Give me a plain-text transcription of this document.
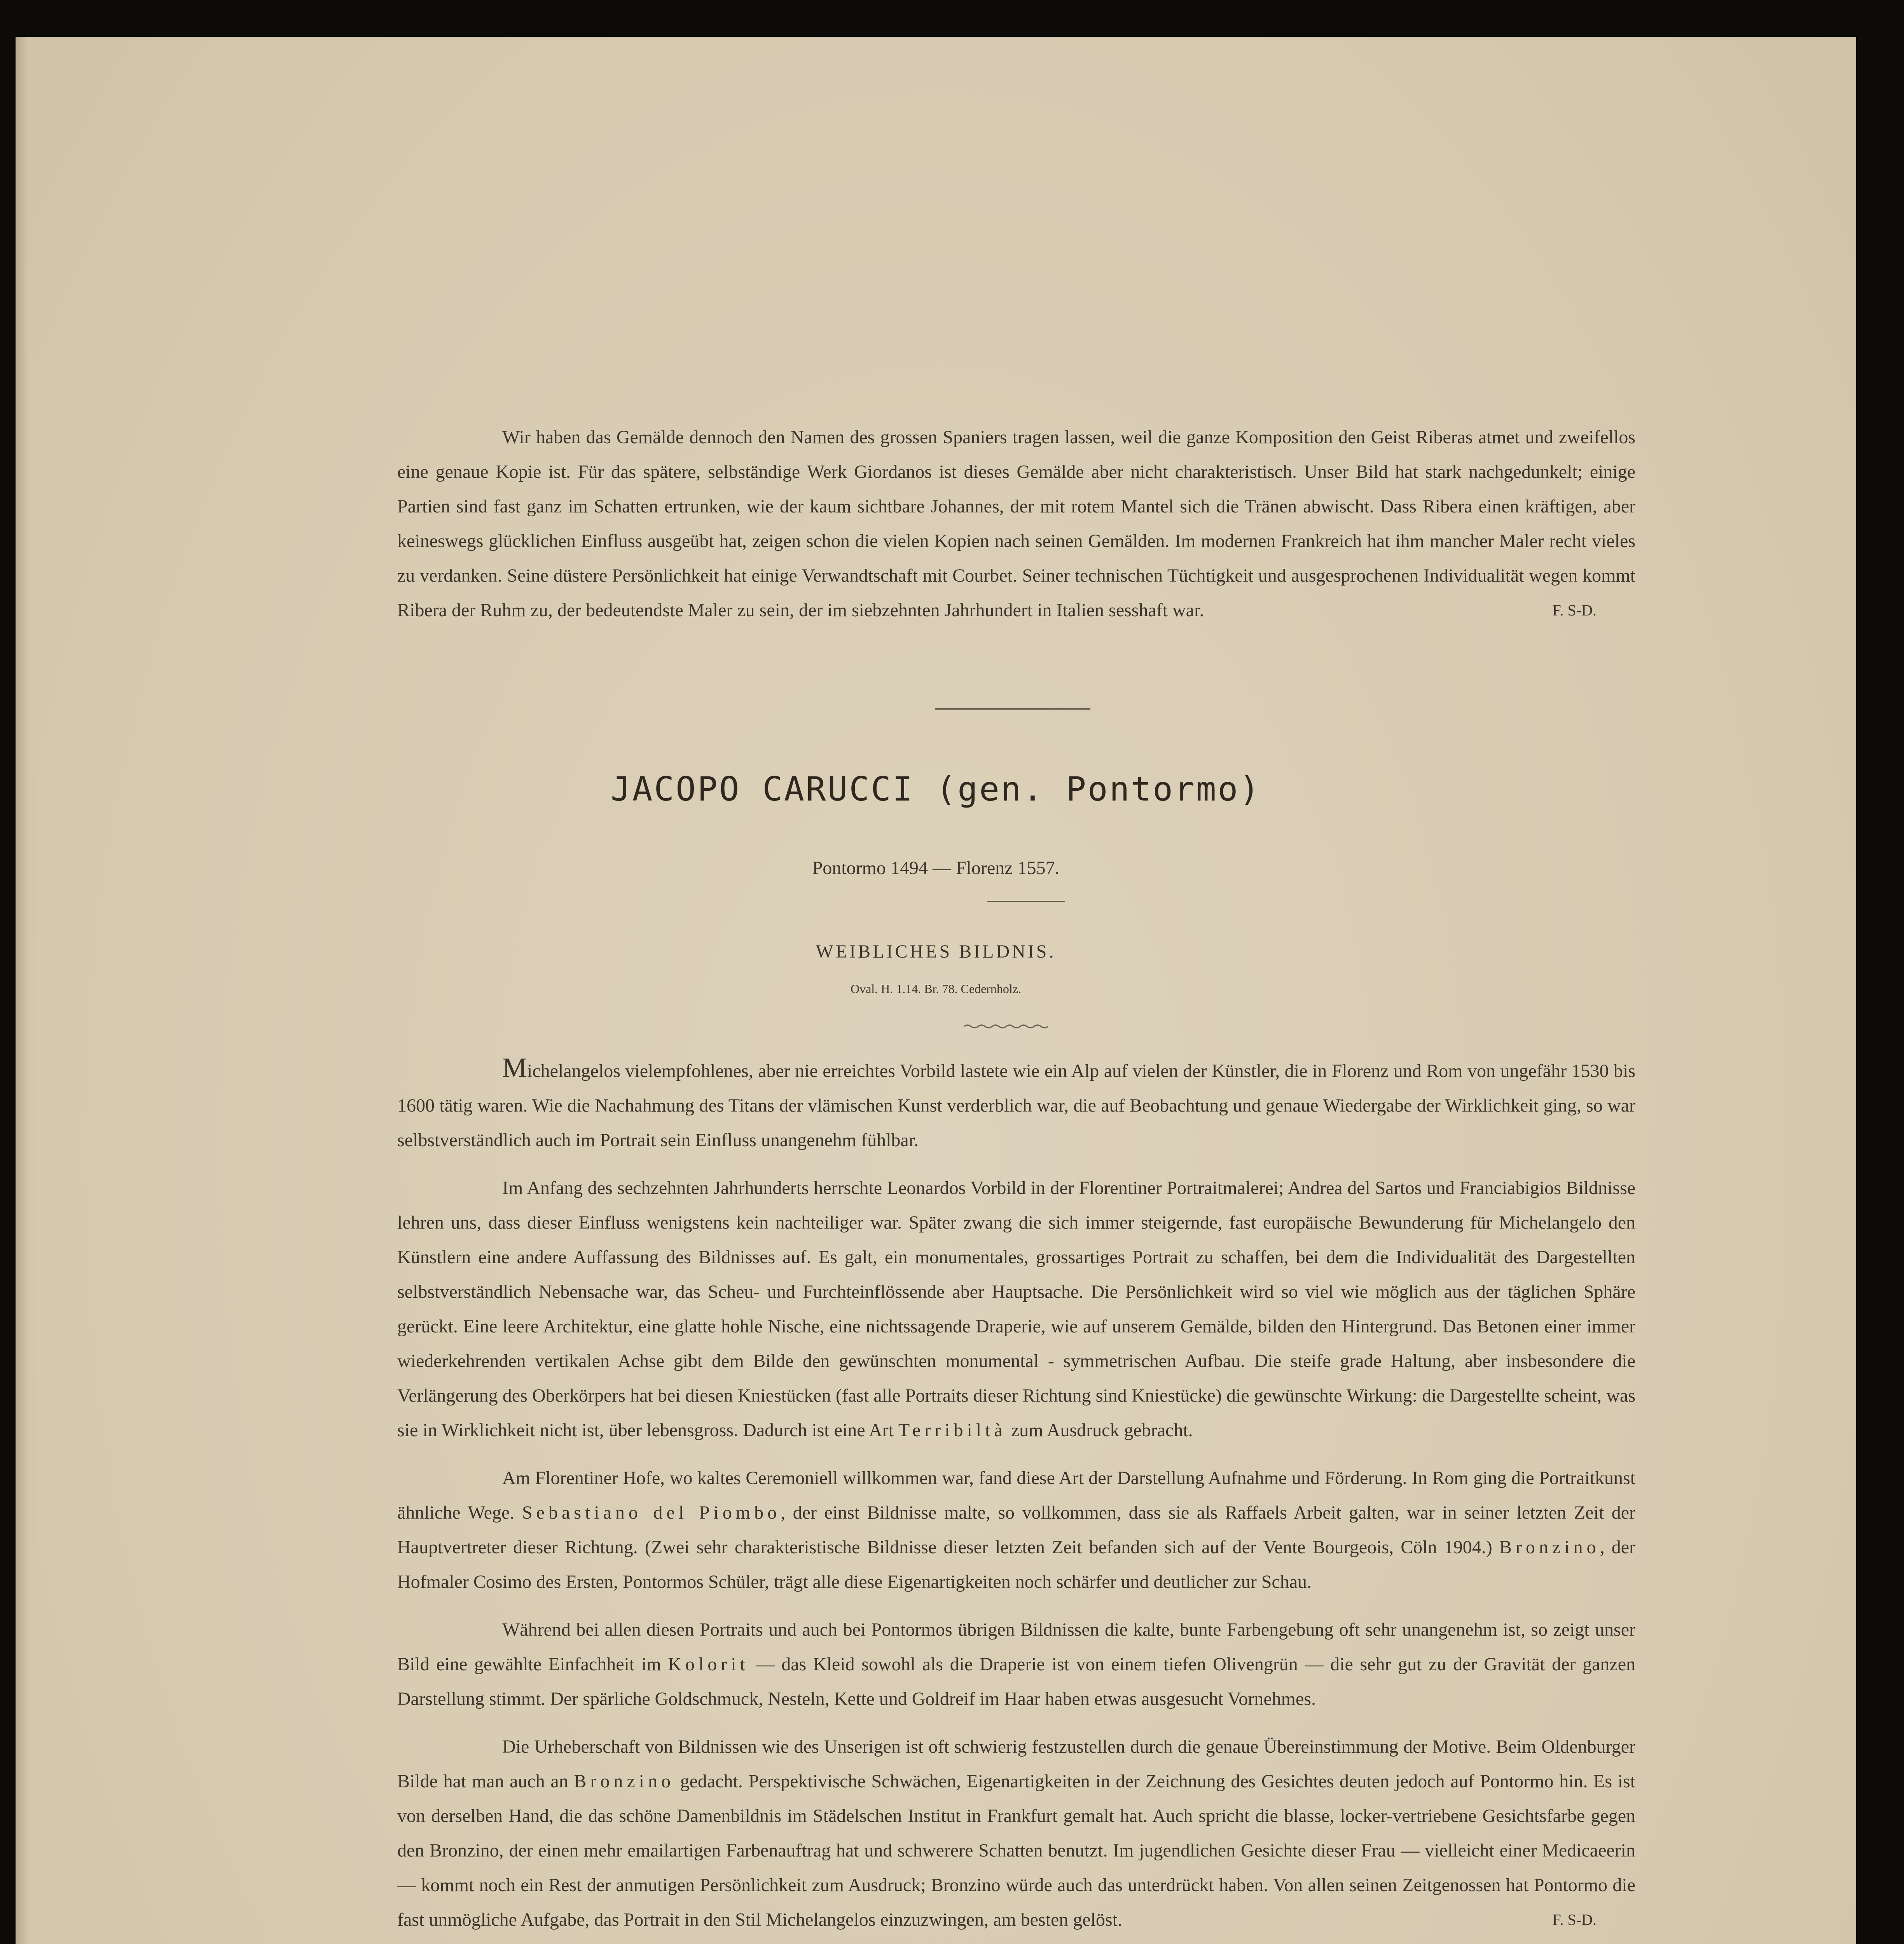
Wir haben das Gemälde dennoch den Namen des grossen Spaniers tragen lassen, weil die ganze Komposition den Geist Riberas atmet und zweifellos eine genaue Kopie ist. Für das spätere, selbständige Werk Giordanos ist dieses Gemälde aber nicht charakteristisch. Unser Bild hat stark nachgedunkelt; einige Partien sind fast ganz im Schatten ertrunken, wie der kaum sichtbare Johannes, der mit rotem Mantel sich die Tränen abwischt. Dass Ribera einen kräftigen, aber keineswegs glücklichen Einfluss ausgeübt hat, zeigen schon die vielen Kopien nach seinen Gemälden. Im modernen Frankreich hat ihm mancher Maler recht vieles zu verdanken. Seine düstere Persönlichkeit hat einige Verwandtschaft mit Courbet. Seiner technischen Tüchtigkeit und ausgesprochenen Individualität wegen kommt Ribera der Ruhm zu, der bedeutendste Maler zu sein, der im siebzehnten Jahrhundert in Italien sesshaft war.	F. S-D.

JACOPO CARUCCI (gen. Pontormo)
Pontormo 1494 — Florenz 1557.
WEIBLICHES BILDNIS.
Oval. H. 1.14. Br. 78. Cedernholz.

Michelangelos vielempfohlenes, aber nie erreichtes Vorbild lastete wie ein Alp auf vielen der Künstler, die in Florenz und Rom von ungefähr 1530 bis 1600 tätig waren. Wie die Nachahmung des Titans der vlämischen Kunst verderblich war, die auf Beobachtung und genaue Wiedergabe der Wirklichkeit ging, so war selbstverständlich auch im Portrait sein Einfluss unangenehm fühlbar.

Im Anfang des sechzehnten Jahrhunderts herrschte Leonardos Vorbild in der Florentiner Portraitmalerei; Andrea del Sartos und Franciabigios Bildnisse lehren uns, dass dieser Einfluss wenigstens kein nachteiliger war. Später zwang die sich immer steigernde, fast europäische Bewunderung für Michelangelo den Künstlern eine andere Auffassung des Bildnisses auf. Es galt, ein monumentales, grossartiges Portrait zu schaffen, bei dem die Individualität des Dargestellten selbstverständlich Nebensache war, das Scheu- und Furchteinflössende aber Hauptsache. Die Persönlichkeit wird so viel wie möglich aus der täglichen Sphäre gerückt. Eine leere Architektur, eine glatte hohle Nische, eine nichtssagende Draperie, wie auf unserem Gemälde, bilden den Hintergrund. Das Betonen einer immer wiederkehrenden vertikalen Achse gibt dem Bilde den gewünschten monumental - symmetrischen Aufbau. Die steife grade Haltung, aber insbesondere die Verlängerung des Oberkörpers hat bei diesen Kniestücken (fast alle Portraits dieser Richtung sind Kniestücke) die gewünschte Wirkung: die Dargestellte scheint, was sie in Wirklichkeit nicht ist, über lebensgross. Dadurch ist eine Art Terribiltà zum Ausdruck gebracht.

Am Florentiner Hofe, wo kaltes Ceremoniell willkommen war, fand diese Art der Darstellung Aufnahme und Förderung. In Rom ging die Portraitkunst ähnliche Wege. Sebastiano del Piombo, der einst Bildnisse malte, so vollkommen, dass sie als Raffaels Arbeit galten, war in seiner letzten Zeit der Hauptvertreter dieser Richtung. (Zwei sehr charakteristische Bildnisse dieser letzten Zeit befanden sich auf der Vente Bourgeois, Cöln 1904.) Bronzino, der Hofmaler Cosimo des Ersten, Pontormos Schüler, trägt alle diese Eigenartigkeiten noch schärfer und deutlicher zur Schau.

Während bei allen diesen Portraits und auch bei Pontormos übrigen Bildnissen die kalte, bunte Farbengebung oft sehr unangenehm ist, so zeigt unser Bild eine gewählte Einfachheit im Kolorit — das Kleid sowohl als die Draperie ist von einem tiefen Olivengrün — die sehr gut zu der Gravität der ganzen Darstellung stimmt. Der spärliche Goldschmuck, Nesteln, Kette und Goldreif im Haar haben etwas ausgesucht Vornehmes.

Die Urheberschaft von Bildnissen wie des Unserigen ist oft schwierig festzustellen durch die genaue Übereinstimmung der Motive. Beim Oldenburger Bilde hat man auch an Bronzino gedacht. Perspektivische Schwächen, Eigenartigkeiten in der Zeichnung des Gesichtes deuten jedoch auf Pontormo hin. Es ist von derselben Hand, die das schöne Damenbildnis im Städelschen Institut in Frankfurt gemalt hat. Auch spricht die blasse, locker-vertriebene Gesichtsfarbe gegen den Bronzino, der einen mehr emailartigen Farbenauftrag hat und schwerere Schatten benutzt. Im jugendlichen Gesichte dieser Frau — vielleicht einer Medicaeerin — kommt noch ein Rest der anmutigen Persönlichkeit zum Ausdruck; Bronzino würde auch das unterdrückt haben. Von allen seinen Zeitgenossen hat Pontormo die fast unmögliche Aufgabe, das Portrait in den Stil Michelangelos einzuzwingen, am besten gelöst.	F. S-D.
